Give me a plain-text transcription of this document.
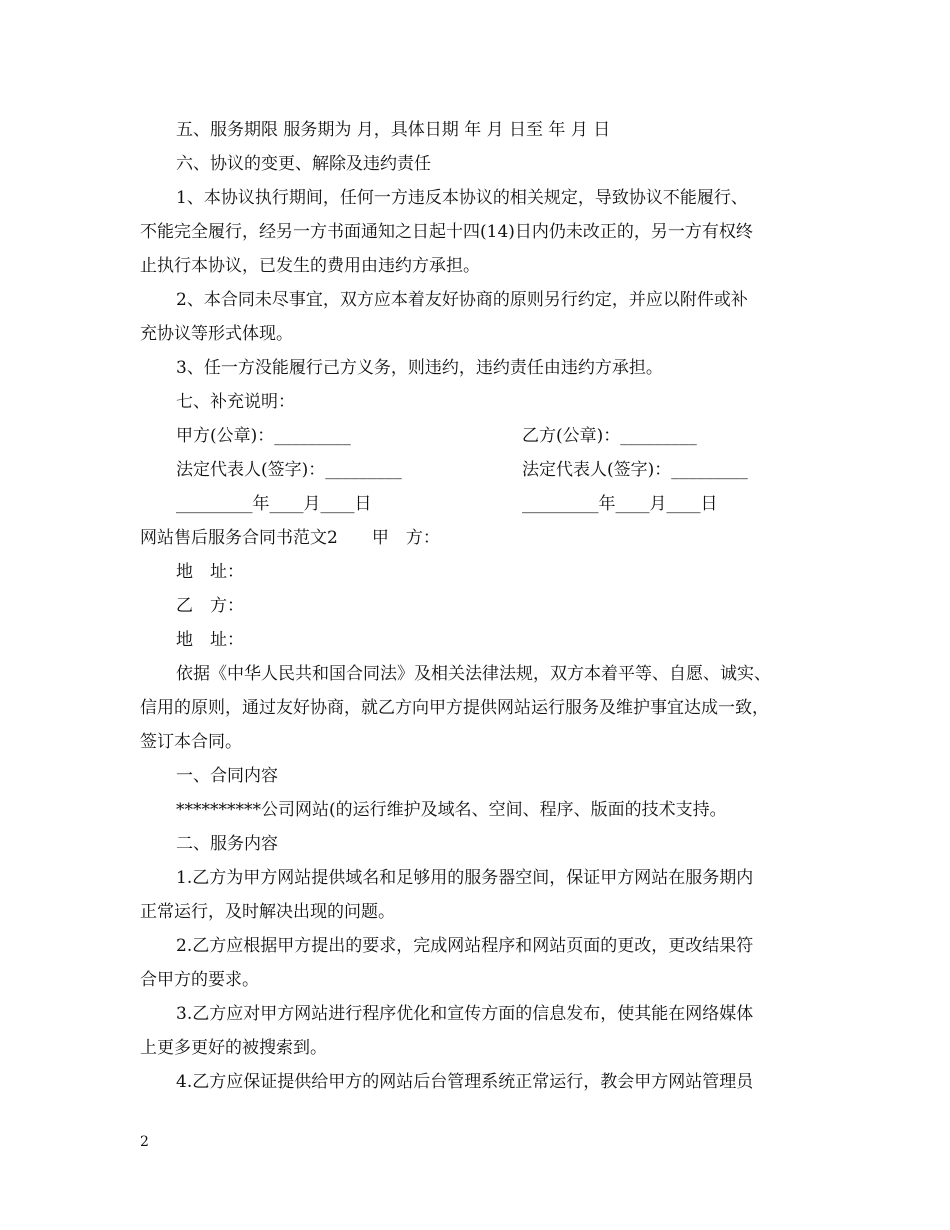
五、服务期限 服务期为 月，具体日期 年 月 日至 年 月 日
六、协议的变更、解除及违约责任
1、本协议执行期间，任何一方违反本协议的相关规定，导致协议不能履行、
不能完全履行，经另一方书面通知之日起十四(14)日内仍未改正的，另一方有权终
止执行本协议，已发生的费用由违约方承担。
2、本合同未尽事宜，双方应本着友好协商的原则另行约定，并应以附件或补
充协议等形式体现。
3、任一方没能履行己方义务，则违约，违约责任由违约方承担。
七、补充说明：
甲方(公章)：_________	乙方(公章)：_________
法定代表人(签字)：_________	法定代表人(签字)：_________
_________年____月____日	_________年____月____日
网站售后服务合同书范文2　　甲　方：
地　址：
乙　方：
地　址：
依据《中华人民共和国合同法》及相关法律法规，双方本着平等、自愿、诚实、
信用的原则，通过友好协商，就乙方向甲方提供网站运行服务及维护事宜达成一致，
签订本合同。
一、合同内容
**********公司网站(的运行维护及域名、空间、程序、版面的技术支持。
二、服务内容
1.乙方为甲方网站提供域名和足够用的服务器空间，保证甲方网站在服务期内
正常运行，及时解决出现的问题。
2.乙方应根据甲方提出的要求，完成网站程序和网站页面的更改，更改结果符
合甲方的要求。
3.乙方应对甲方网站进行程序优化和宣传方面的信息发布，使其能在网络媒体
上更多更好的被搜索到。
4.乙方应保证提供给甲方的网站后台管理系统正常运行，教会甲方网站管理员
2
